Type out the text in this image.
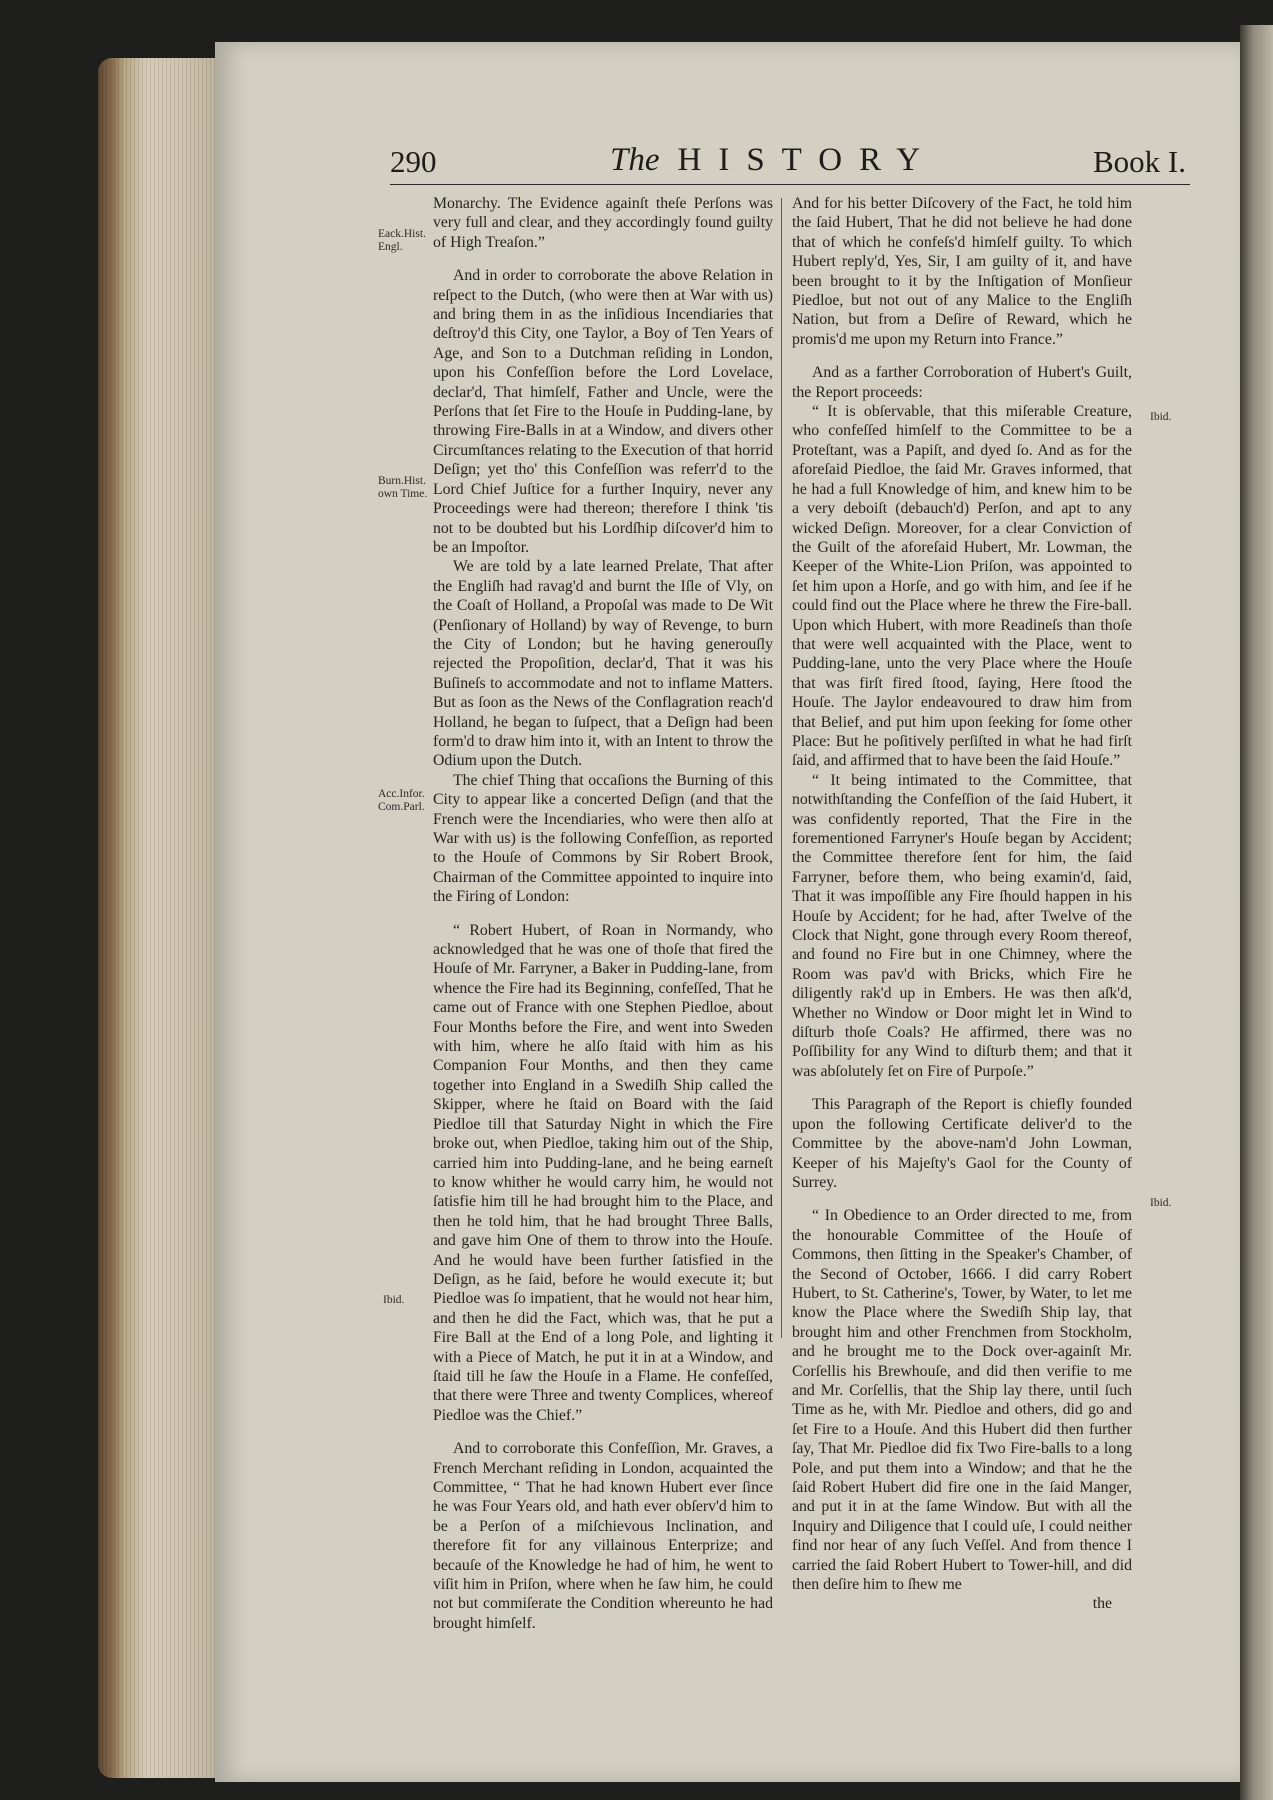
290	The HISTORY	Book I.
Eack.Hist. Engl.
Burn.Hist. own Time.
Acc.Infor. Com.Parl.
Ibid.
Ibid.
Ibid.

Monarchy. The Evidence againſt theſe Perſons was very full and clear, and they accordingly found guilty of High Treaſon.”

And in order to corroborate the above Relation in reſpect to the Dutch, (who were then at War with us) and bring them in as the inſidious Incendiaries that deſtroy'd this City, one Taylor, a Boy of Ten Years of Age, and Son to a Dutchman reſiding in London, upon his Confeſſion before the Lord Lovelace, declar'd, That himſelf, Father and Uncle, were the Perſons that ſet Fire to the Houſe in Pudding-lane, by throwing Fire-Balls in at a Window, and divers other Circumſtances relating to the Execution of that horrid Deſign; yet tho' this Confeſſion was referr'd to the Lord Chief Juſtice for a further Inquiry, never any Proceedings were had thereon; therefore I think 'tis not to be doubted but his Lordſhip diſcover'd him to be an Impoſtor.

We are told by a late learned Prelate, That after the Engliſh had ravag'd and burnt the Iſle of Vly, on the Coaſt of Holland, a Propoſal was made to De Wit (Penſionary of Holland) by way of Revenge, to burn the City of London; but he having generouſly rejected the Propoſition, declar'd, That it was his Buſineſs to accommodate and not to inflame Matters. But as ſoon as the News of the Conflagration reach'd Holland, he began to ſuſpect, that a Deſign had been form'd to draw him into it, with an Intent to throw the Odium upon the Dutch.

The chief Thing that occaſions the Burning of this City to appear like a concerted Deſign (and that the French were the Incendiaries, who were then alſo at War with us) is the following Confeſſion, as reported to the Houſe of Commons by Sir Robert Brook, Chairman of the Committee appointed to inquire into the Firing of London:

“ Robert Hubert, of Roan in Normandy, who acknowledged that he was one of thoſe that fired the Houſe of Mr. Farryner, a Baker in Pudding-lane, from whence the Fire had its Beginning, confeſſed, That he came out of France with one Stephen Piedloe, about Four Months before the Fire, and went into Sweden with him, where he alſo ſtaid with him as his Companion Four Months, and then they came together into England in a Swediſh Ship called the Skipper, where he ſtaid on Board with the ſaid Piedloe till that Saturday Night in which the Fire broke out, when Piedloe, taking him out of the Ship, carried him into Pudding-lane, and he being earneſt to know whither he would carry him, he would not ſatisfie him till he had brought him to the Place, and then he told him, that he had brought Three Balls, and gave him One of them to throw into the Houſe. And he would have been further ſatisfied in the Deſign, as he ſaid, before he would execute it; but Piedloe was ſo impatient, that he would not hear him, and then he did the Fact, which was, that he put a Fire Ball at the End of a long Pole, and lighting it with a Piece of Match, he put it in at a Window, and ſtaid till he ſaw the Houſe in a Flame. He confeſſed, that there were Three and twenty Complices, whereof Piedloe was the Chief.”

And to corroborate this Confeſſion, Mr. Graves, a French Merchant reſiding in London, acquainted the Committee, “ That he had known Hubert ever ſince he was Four Years old, and hath ever obſerv'd him to be a Perſon of a miſchievous Inclination, and therefore fit for any villainous Enterprize; and becauſe of the Knowledge he had of him, he went to viſit him in Priſon, where when he ſaw him, he could not but commiſerate the Condition whereunto he had brought himſelf.

And for his better Diſcovery of the Fact, he told him the ſaid Hubert, That he did not believe he had done that of which he confeſs'd himſelf guilty. To which Hubert reply'd, Yes, Sir, I am guilty of it, and have been brought to it by the Inſtigation of Monſieur Piedloe, but not out of any Malice to the Engliſh Nation, but from a Deſire of Reward, which he promis'd me upon my Return into France.”

And as a farther Corroboration of Hubert's Guilt, the Report proceeds:

“ It is obſervable, that this miſerable Creature, who confeſſed himſelf to the Committee to be a Proteſtant, was a Papiſt, and dyed ſo. And as for the aforeſaid Piedloe, the ſaid Mr. Graves informed, that he had a full Knowledge of him, and knew him to be a very deboiſt (debauch'd) Perſon, and apt to any wicked Deſign. Moreover, for a clear Conviction of the Guilt of the aforeſaid Hubert, Mr. Lowman, the Keeper of the White-Lion Priſon, was appointed to ſet him upon a Horſe, and go with him, and ſee if he could find out the Place where he threw the Fire-ball. Upon which Hubert, with more Readineſs than thoſe that were well acquainted with the Place, went to Pudding-lane, unto the very Place where the Houſe that was firſt fired ſtood, ſaying, Here ſtood the Houſe. The Jaylor endeavoured to draw him from that Belief, and put him upon ſeeking for ſome other Place: But he poſitively perſiſted in what he had firſt ſaid, and affirmed that to have been the ſaid Houſe.”

“ It being intimated to the Committee, that notwithſtanding the Confeſſion of the ſaid Hubert, it was confidently reported, That the Fire in the forementioned Farryner's Houſe began by Accident; the Committee therefore ſent for him, the ſaid Farryner, before them, who being examin'd, ſaid, That it was impoſſible any Fire ſhould happen in his Houſe by Accident; for he had, after Twelve of the Clock that Night, gone through every Room thereof, and found no Fire but in one Chimney, where the Room was pav'd with Bricks, which Fire he diligently rak'd up in Embers. He was then aſk'd, Whether no Window or Door might let in Wind to diſturb thoſe Coals? He affirmed, there was no Poſſibility for any Wind to diſturb them; and that it was abſolutely ſet on Fire of Purpoſe.”

This Paragraph of the Report is chiefly founded upon the following Certificate deliver'd to the Committee by the above-nam'd John Lowman, Keeper of his Majeſty's Gaol for the County of Surrey.

“ In Obedience to an Order directed to me, from the honourable Committee of the Houſe of Commons, then ſitting in the Speaker's Chamber, of the Second of October, 1666. I did carry Robert Hubert, to St. Catherine's, Tower, by Water, to let me know the Place where the Swediſh Ship lay, that brought him and other Frenchmen from Stockholm, and he brought me to the Dock over-againſt Mr. Corſellis his Brewhouſe, and did then verifie to me and Mr. Corſellis, that the Ship lay there, until ſuch Time as he, with Mr. Piedloe and others, did go and ſet Fire to a Houſe. And this Hubert did then further ſay, That Mr. Piedloe did fix Two Fire-balls to a long Pole, and put them into a Window; and that he the ſaid Robert Hubert did fire one in the ſaid Manger, and put it in at the ſame Window. But with all the Inquiry and Diligence that I could uſe, I could neither find nor hear of any ſuch Veſſel. And from thence I carried the ſaid Robert Hubert to Tower-hill, and did then deſire him to ſhew me

the
